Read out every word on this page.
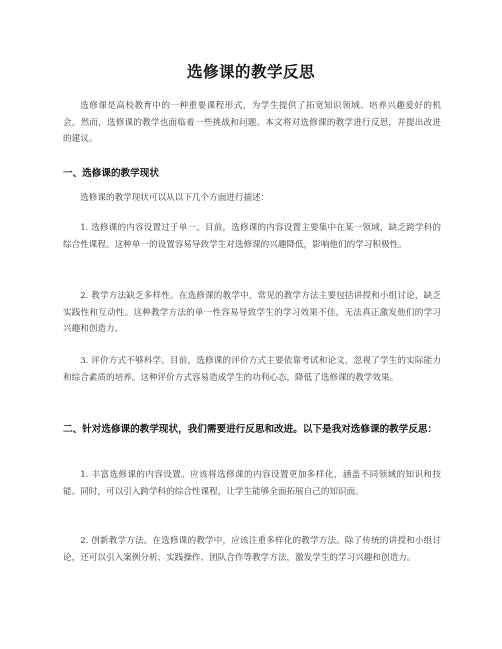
选修课的教学反思

选修课是高校教育中的一种重要课程形式，为学生提供了拓宽知识领域、培养兴趣爱好的机会。然而，选修课的教学也面临着一些挑战和问题。本文将对选修课的教学进行反思，并提出改进的建议。

一、选修课的教学现状

选修课的教学现状可以从以下几个方面进行描述：

1. 选修课的内容设置过于单一。目前，选修课的内容设置主要集中在某一领域，缺乏跨学科的综合性课程。这种单一的设置容易导致学生对选修课的兴趣降低，影响他们的学习积极性。

2. 教学方法缺乏多样性。在选修课的教学中，常见的教学方法主要包括讲授和小组讨论，缺乏实践性和互动性。这种教学方法的单一性容易导致学生的学习效果不佳，无法真正激发他们的学习兴趣和创造力。

3. 评价方式不够科学。目前，选修课的评价方式主要依靠考试和论文，忽视了学生的实际能力和综合素质的培养。这种评价方式容易造成学生的功利心态，降低了选修课的教学效果。

二、针对选修课的教学现状，我们需要进行反思和改进。以下是我对选修课的教学反思：

1. 丰富选修课的内容设置。应该将选修课的内容设置更加多样化，涵盖不同领域的知识和技能。同时，可以引入跨学科的综合性课程，让学生能够全面拓展自己的知识面。

2. 创新教学方法。在选修课的教学中，应该注重多样化的教学方法。除了传统的讲授和小组讨论，还可以引入案例分析、实践操作、团队合作等教学方法，激发学生的学习兴趣和创造力。
